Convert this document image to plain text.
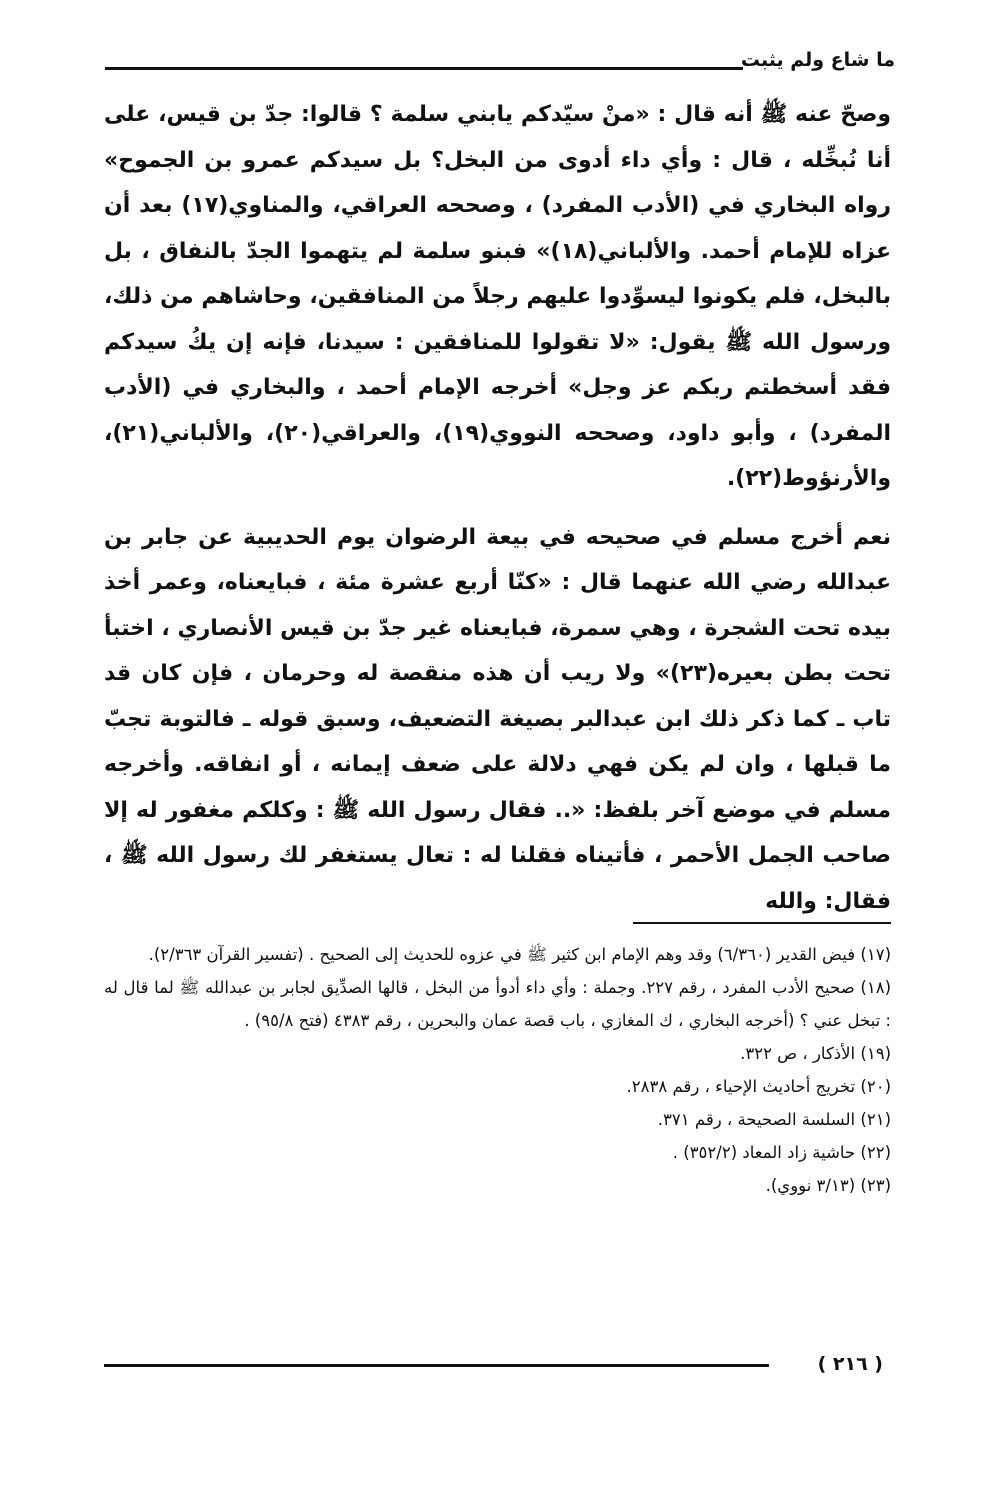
ما شاع ولم يثبت

وصحّ عنه ﷺ أنه قال : «منْ سيّدكم يابني سلمة ؟ قالوا: جدّ بن قيس، على أنا نُبخِّله ، قال : وأي داء أدوى من البخل؟ بل سيدكم عمرو بن الجموح» رواه البخاري في (الأدب المفرد) ، وصححه العراقي، والمناوي(١٧) بعد أن عزاه للإمام أحمد. والألباني(١٨)» فبنو سلمة لم يتهموا الجدّ بالنفاق ، بل بالبخل، فلم يكونوا ليسوِّدوا عليهم رجلاً من المنافقين، وحاشاهم من ذلك، ورسول الله ﷺ يقول: «لا تقولوا للمنافقين : سيدنا، فإنه إن يكُ سيدكم فقد أسخطتم ربكم عز وجل» أخرجه الإمام أحمد ، والبخاري في (الأدب المفرد) ، وأبو داود، وصححه النووي(١٩)، والعراقي(٢٠)، والألباني(٢١)، والأرنؤوط(٢٢).

نعم أخرج مسلم في صحيحه في بيعة الرضوان يوم الحديبية عن جابر بن عبدالله رضي الله عنهما قال : «كنّا أربع عشرة مئة ، فبايعناه، وعمر أخذ بيده تحت الشجرة ، وهي سمرة، فبايعناه غير جدّ بن قيس الأنصاري ، اختبأ تحت بطن بعيره(٢٣)» ولا ريب أن هذه منقصة له وحرمان ، فإن كان قد تاب ـ كما ذكر ذلك ابن عبدالبر بصيغة التضعيف، وسبق قوله ـ فالتوبة تجبّ ما قبلها ، وان لم يكن فهي دلالة على ضعف إيمانه ، أو انفاقه. وأخرجه مسلم في موضع آخر بلفظ: «.. فقال رسول الله ﷺ : وكلكم مغفور له إلا صاحب الجمل الأحمر ، فأتيناه فقلنا له : تعال يستغفر لك رسول الله ﷺ ، فقال: والله

(١٧) فيض القدير (٦/٣٦٠) وقد وهم الإمام ابن كثير ﷺ في عزوه للحديث إلى الصحيح . (تفسير القرآن ٢/٣٦٣).

(١٨) صحيح الأدب المفرد ، رقم ٢٢٧. وجملة : وأي داء أدوأ من البخل ، قالها الصدِّيق لجابر بن عبدالله ﷺ لما قال له : تبخل عني ؟ (أخرجه البخاري ، ك المغازي ، باب قصة عمان والبحرين ، رقم ٤٣٨٣ (فتح ٩٥/٨) .

(١٩) الأذكار ، ص ٣٢٢.

(٢٠) تخريج أحاديث الإحياء ، رقم ٢٨٣٨.

(٢١) السلسة الصحيحة ، رقم ٣٧١.

(٢٢) حاشية زاد المعاد (٣٥٢/٢) .

(٢٣) (٣/١٣ نووي).

( ٢١٦ )
